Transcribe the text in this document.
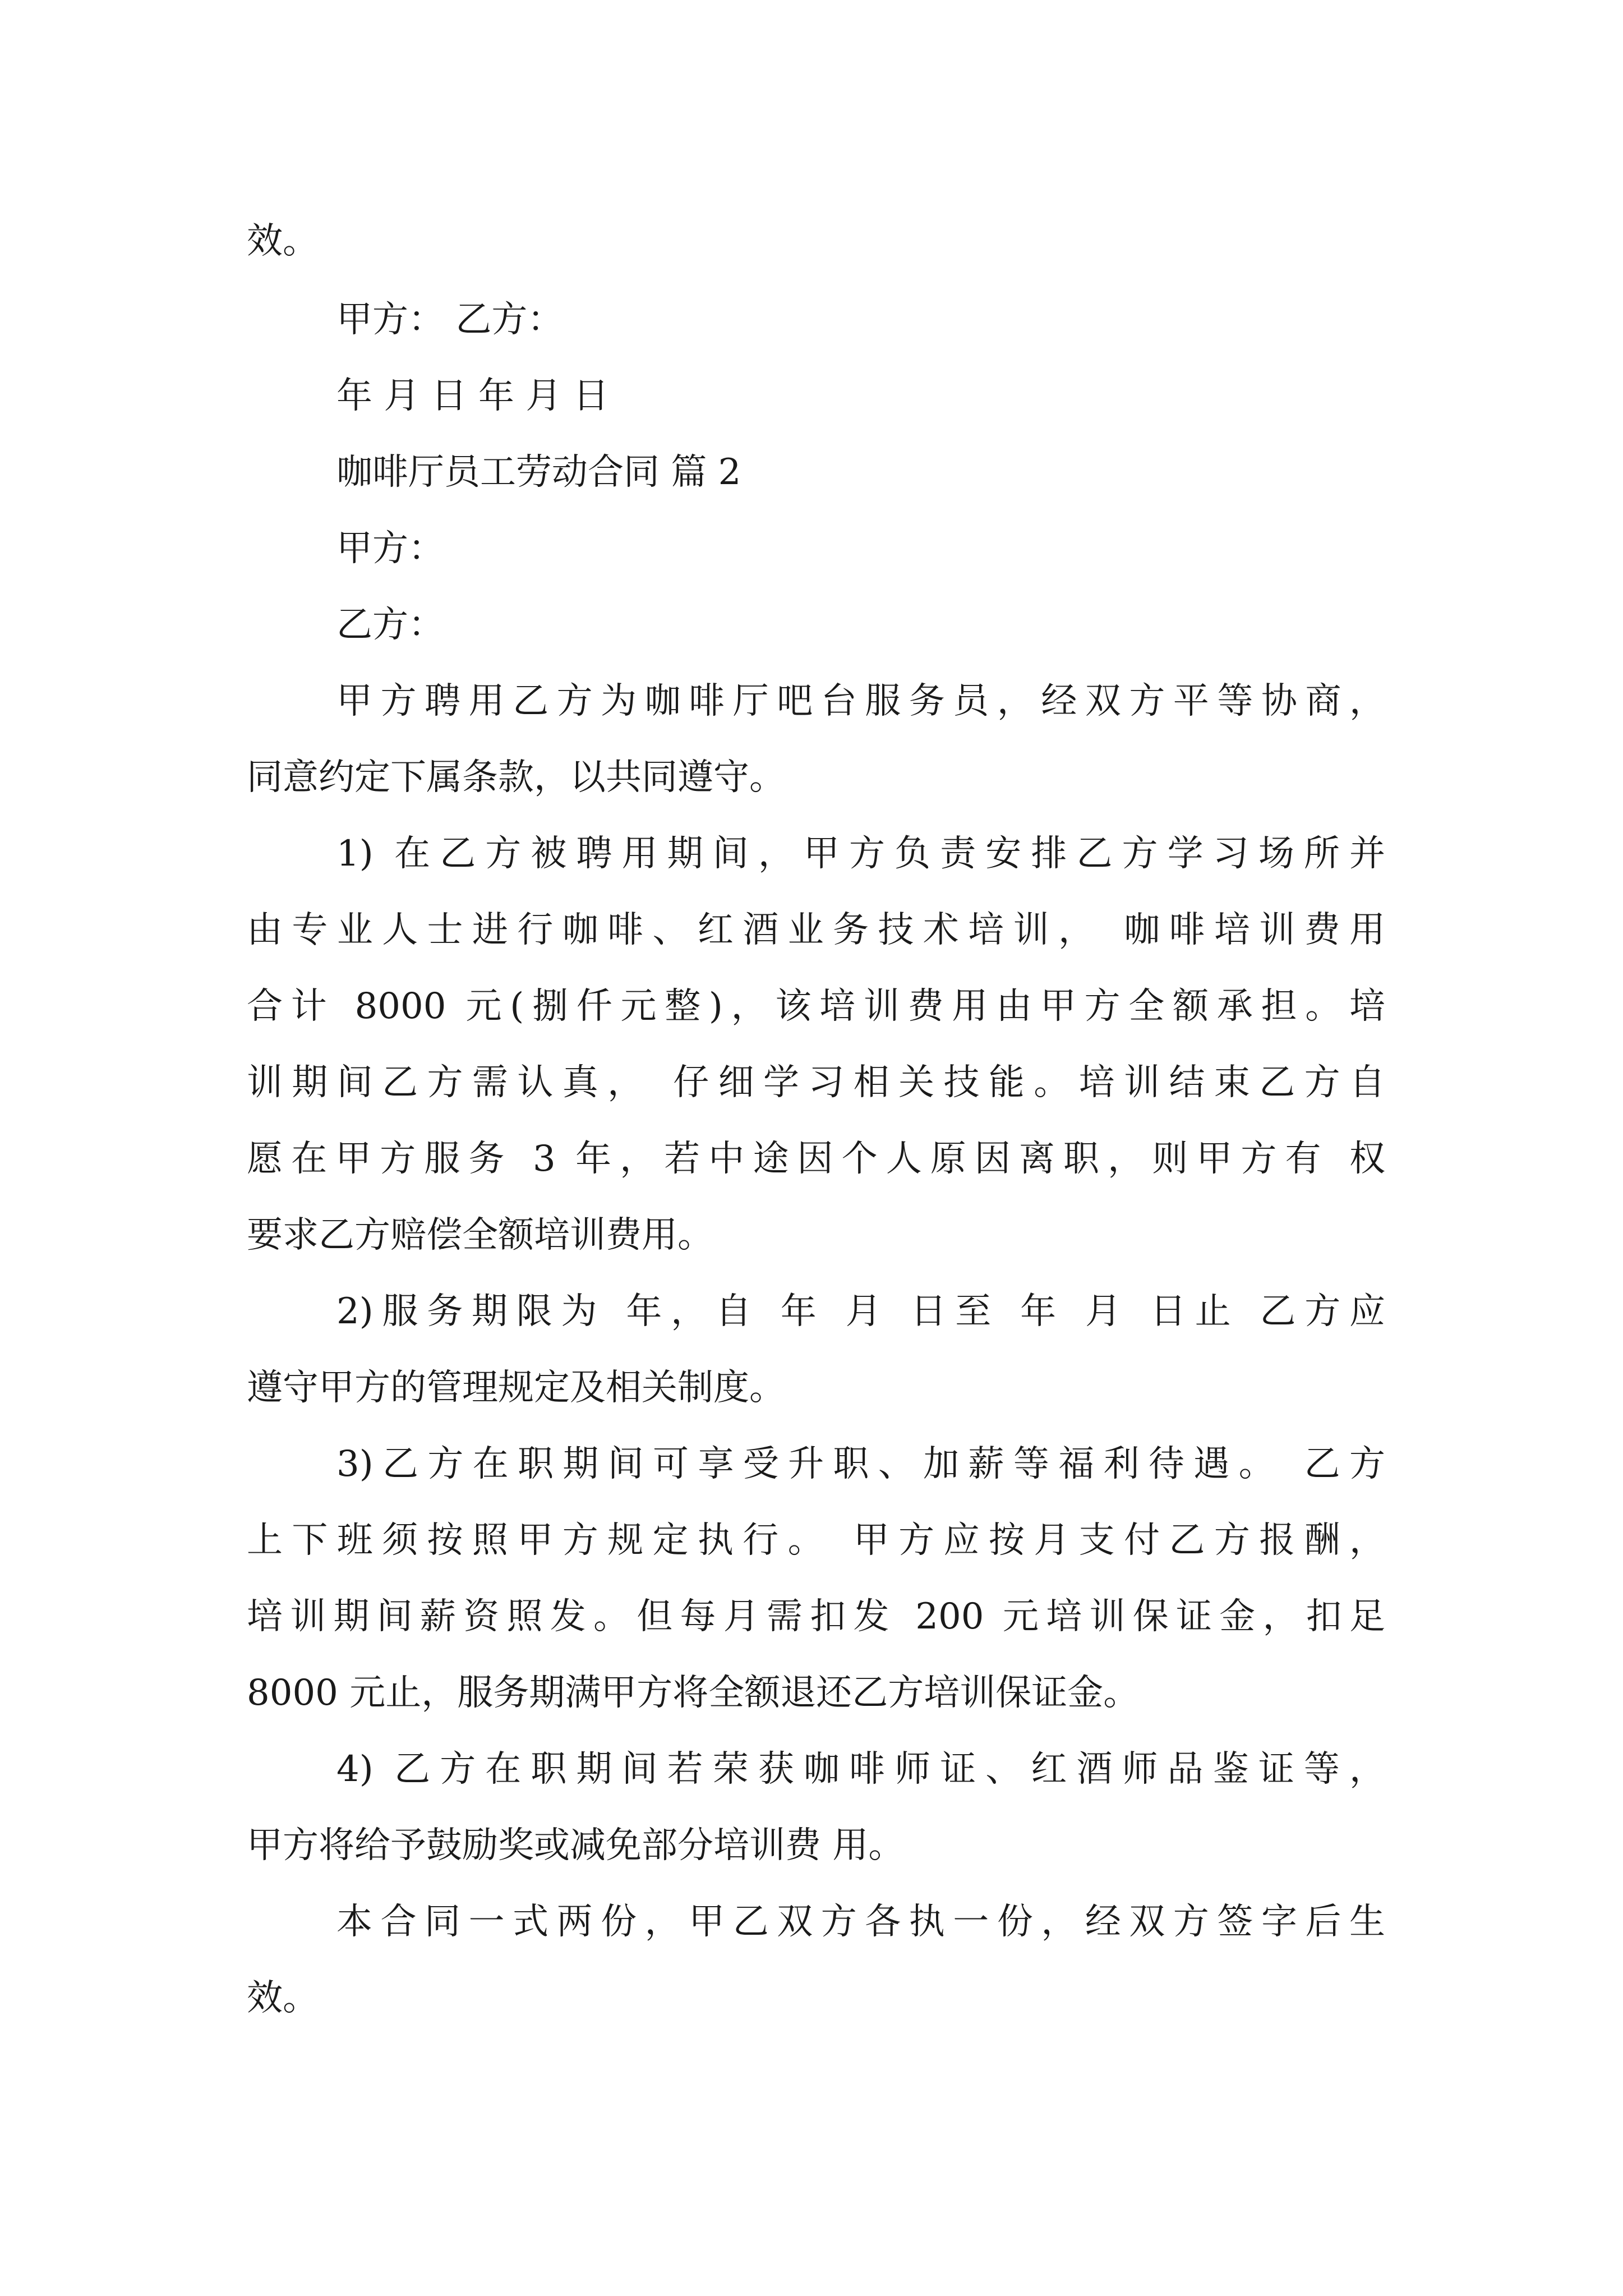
效。
甲方： 乙方：
年 月 日 年 月 日
咖啡厅员工劳动合同 篇 2
甲方：
乙方：
甲方聘用乙方为咖啡厅吧台服务员，经双方平等协商，
同意约定下属条款，以共同遵守。
1) 在乙方被聘用期间，甲方负责安排乙方学习场所并
由专业人士进行咖啡、红酒业务技术培训， 咖啡培训费用
合计 8000 元(捌仟元整)，该培训费用由甲方全额承担。培
训期间乙方需认真， 仔细学习相关技能。培训结束乙方自
愿在甲方服务 3 年，若中途因个人原因离职，则甲方有 权
要求乙方赔偿全额培训费用。
2)服务期限为 年，自 年 月 日至 年 月 日止 乙方应
遵守甲方的管理规定及相关制度。
3)乙方在职期间可享受升职、加薪等福利待遇。 乙方
上下班须按照甲方规定执行。 甲方应按月支付乙方报酬，
培训期间薪资照发。但每月需扣发 200 元培训保证金，扣足
8000 元止，服务期满甲方将全额退还乙方培训保证金。
4) 乙方在职期间若荣获咖啡师证、红酒师品鉴证等，
甲方将给予鼓励奖或减免部分培训费 用。
本合同一式两份，甲乙双方各执一份，经双方签字后生
效。
